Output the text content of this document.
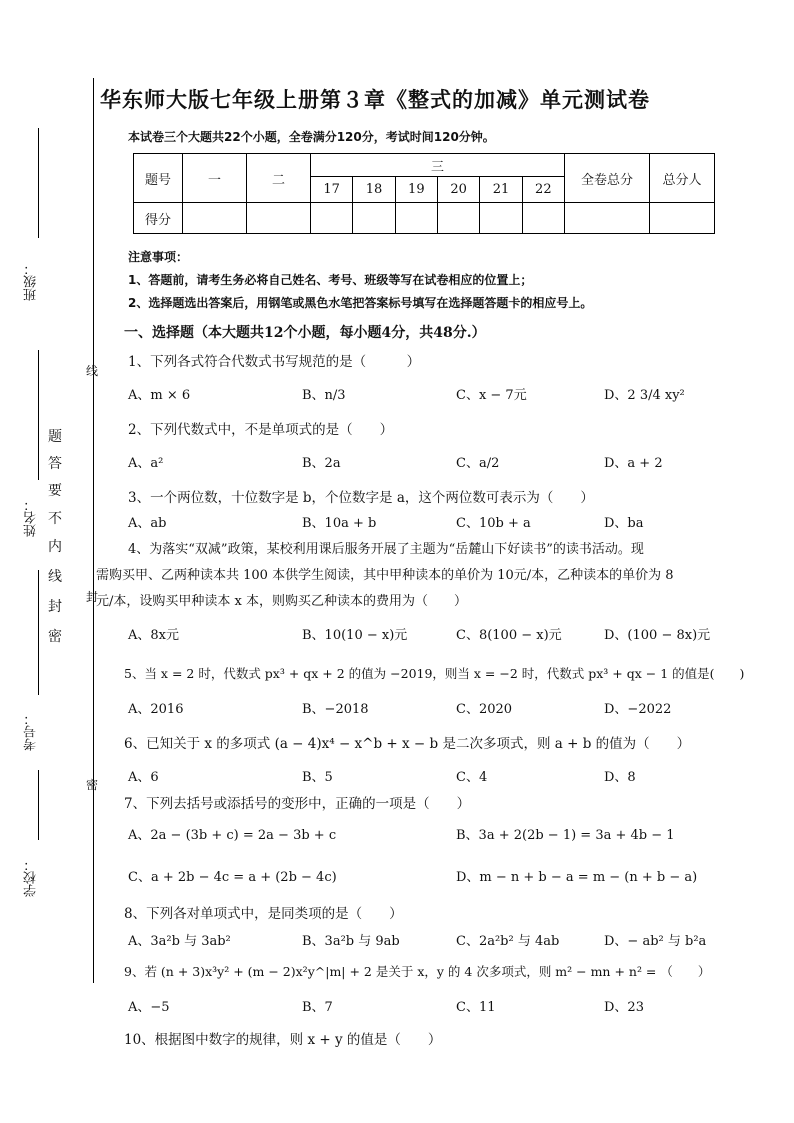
班级：
姓名：
考号：
学校：
题
答
要
不
内
线
封
密
线
封
密
华东师大版七年级上册第３章《整式的加减》单元测试卷
本试卷三个大题共22个小题，全卷满分120分，考试时间120分钟。
题号	一	二	三						全卷总分	总分人
			17	18	19	20	21	22		
得分										
注意事项：
1、答题前，请考生务必将自己姓名、考号、班级等写在试卷相应的位置上；
2、选择题选出答案后，用钢笔或黑色水笔把答案标号填写在选择题答题卡的相应号上。
一、选择题（本大题共12个小题，每小题4分，共48分.）
1、下列各式符合代数式书写规范的是（　　　）
A、m × 6	B、n/3	C、x − 7元	D、2 3/4 xy²
2、下列代数式中，不是单项式的是（　　）
A、a²	B、2a	C、a/2	D、a + 2
3、一个两位数，十位数字是 b，个位数字是 a，这个两位数可表示为（　　）
A、ab	B、10a + b	C、10b + a	D、ba
4、为落实“双减”政策，某校利用课后服务开展了主题为“岳麓山下好读书”的读书活动。现
需购买甲、乙两种读本共 100 本供学生阅读，其中甲种读本的单价为 10元/本，乙种读本的单价为 8
元/本，设购买甲种读本 x 本，则购买乙种读本的费用为（　　）
A、8x元	B、10(10 − x)元	C、8(100 − x)元	D、(100 − 8x)元
5、当 x = 2 时，代数式 px³ + qx + 2 的值为 −2019，则当 x = −2 时，代数式 px³ + qx − 1 的值是(　　)
A、2016	B、−2018	C、2020	D、−2022
6、已知关于 x 的多项式 (a − 4)x⁴ − x^b + x − b 是二次多项式，则 a + b 的值为（　　）
A、6	B、5	C、4	D、8
7、下列去括号或添括号的变形中，正确的一项是（　　）
A、2a − (3b + c) = 2a − 3b + c	B、3a + 2(2b − 1) = 3a + 4b − 1
C、a + 2b − 4c = a + (2b − 4c)	D、m − n + b − a = m − (n + b − a)
8、下列各对单项式中，是同类项的是（　　）
A、3a²b 与 3ab²	B、3a²b 与 9ab	C、2a²b² 与 4ab	D、− ab² 与 b²a
9、若 (n + 3)x³y² + (m − 2)x²y^|m| + 2 是关于 x，y 的 4 次多项式，则 m² − mn + n² = （　　）
A、−5	B、7	C、11	D、23
10、根据图中数字的规律，则 x + y 的值是（　　）
